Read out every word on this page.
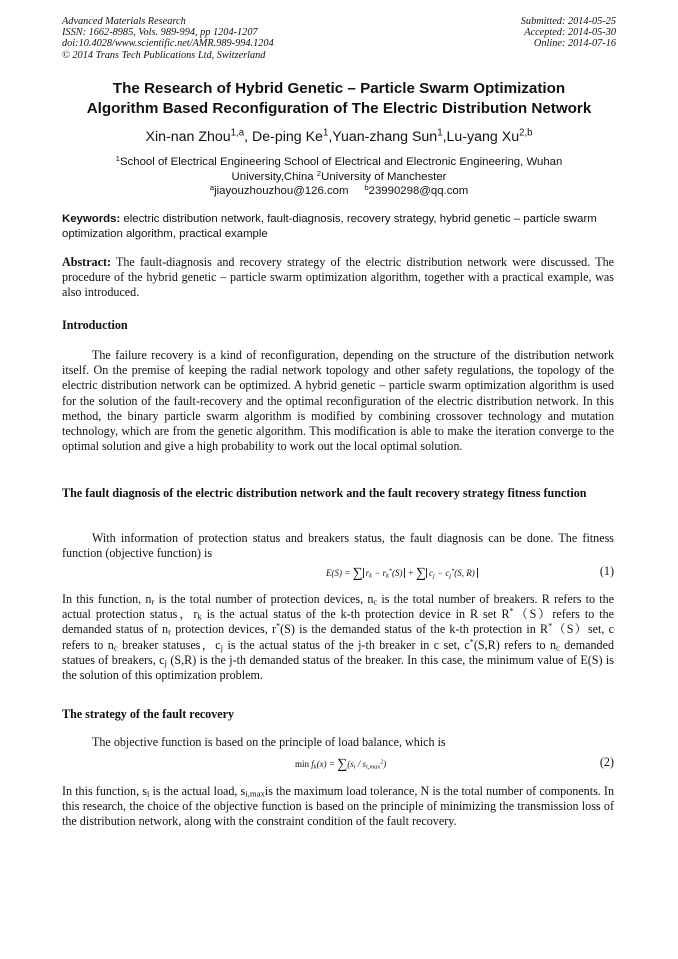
Advanced Materials Research
ISSN: 1662-8985, Vols. 989-994, pp 1204-1207
doi:10.4028/www.scientific.net/AMR.989-994.1204
© 2014 Trans Tech Publications Ltd, Switzerland
Submitted: 2014-05-25
Accepted: 2014-05-30
Online: 2014-07-16
The Research of Hybrid Genetic – Particle Swarm Optimization
Algorithm Based Reconfiguration of The Electric Distribution Network
Xin-nan Zhou$^{1,a}$, De-ping Ke$^1$,Yuan-zhang Sun$^1$,Lu-yang Xu$^{2,b}$
$^1$School of Electrical Engineering School of Electrical and Electronic Engineering, Wuhan
University,China $^2$University of Manchester
$^a$jiayouzhouzhou@126.com $^b$23990298@qq.com
Keywords: electric distribution network, fault-diagnosis, recovery strategy, hybrid genetic – particle swarm optimization algorithm, practical example

Abstract: The fault-diagnosis and recovery strategy of the electric distribution network were discussed. The procedure of the hybrid genetic – particle swarm optimization algorithm, together with a practical example, was also introduced.

Introduction

The failure recovery is a kind of reconfiguration, depending on the structure of the distribution network itself. On the premise of keeping the radial network topology and other safety regulations, the topology of the electric distribution network can be optimized. A hybrid genetic – particle swarm optimization algorithm is used for the solution of the fault-recovery and the optimal reconfiguration of the electric distribution network. In this method, the binary particle swarm algorithm is modified by combining crossover technology and mutation technology, which are from the genetic algorithm. This modification is able to make the iteration converge to the optimal solution and give a high probability to work out the local optimal solution.

The fault diagnosis of the electric distribution network and the fault recovery strategy fitness function

With information of protection status and breakers status, the fault diagnosis can be done. The fitness function (objective function) is

E(S) = ∑ $r_k - r_k^*(S)$ + ∑ $c_j - c_j^*(S$, R)	(1)

In this function, $n_r$ is the total number of protection devices, $n_c$ is the total number of breakers. R refers to the actual protection status，$r_k$ is the actual status of the k-th protection device in R set R*（S）refers to the demanded status of $n_r$ protection devices, r*(S) is the demanded status of the k-th protection in R*（S）set, c refers to $n_c$ breaker statuses，$c_j$ is the actual status of the j-th breaker in c set, c*(S,R) refers to $n_c$ demanded statues of breakers, $c_j$ (S,R) is the j-th demanded status of the breaker. In this case, the minimum value of E(S) is the solution of this optimization problem.

The strategy of the fault recovery

The objective function is based on the principle of load balance, which is

$\min f_k(x) = \sum(s_i / s_{i,max}^2)$	(2)

In this function, $s_i$ is the actual load, $s_{i,max}is$ the maximum load tolerance, N is the total number of components. In this research, the choice of the objective function is based on the principle of minimizing the transmission loss of the distribution network, along with the constraint condition of the fault recovery.
